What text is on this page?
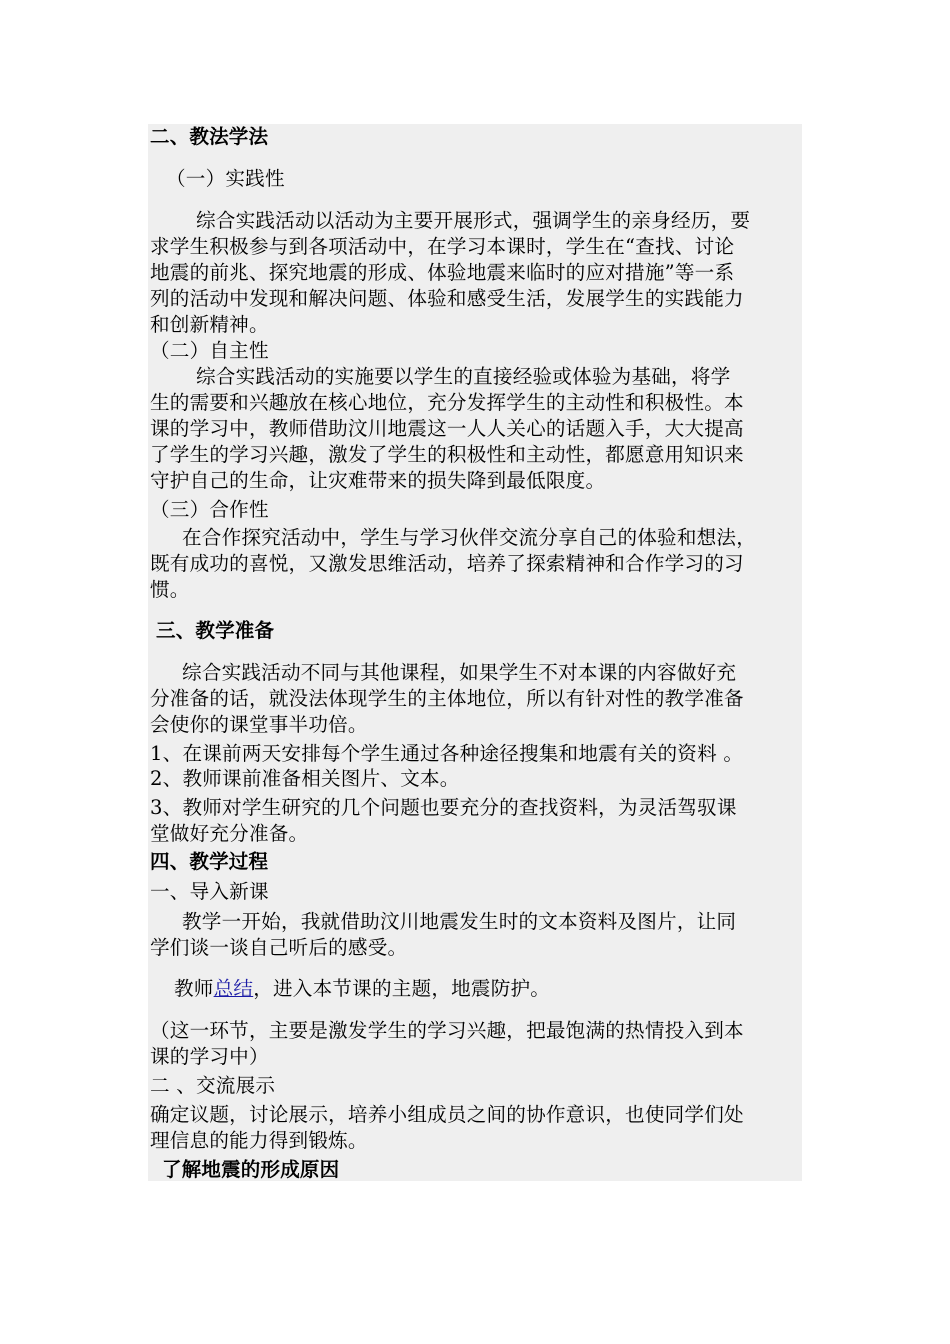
二、教法学法
（一）实践性
综合实践活动以活动为主要开展形式，强调学生的亲身经历，要
求学生积极参与到各项活动中，在学习本课时，学生在“查找、讨论
地震的前兆、探究地震的形成、体验地震来临时的应对措施”等一系
列的活动中发现和解决问题、体验和感受生活，发展学生的实践能力
和创新精神。
（二）自主性
综合实践活动的实施要以学生的直接经验或体验为基础，将学
生的需要和兴趣放在核心地位，充分发挥学生的主动性和积极性。本
课的学习中，教师借助汶川地震这一人人关心的话题入手，大大提高
了学生的学习兴趣，激发了学生的积极性和主动性，都愿意用知识来
守护自己的生命，让灾难带来的损失降到最低限度。
（三）合作性
在合作探究活动中，学生与学习伙伴交流分享自己的体验和想法，
既有成功的喜悦，又激发思维活动，培养了探索精神和合作学习的习
惯。
三、教学准备
综合实践活动不同与其他课程，如果学生不对本课的内容做好充
分准备的话，就没法体现学生的主体地位，所以有针对性的教学准备
会使你的课堂事半功倍。
1、在课前两天安排每个学生通过各种途径搜集和地震有关的资料 。
2、教师课前准备相关图片、文本。
3、教师对学生研究的几个问题也要充分的查找资料，为灵活驾驭课
堂做好充分准备。
四、教学过程
一、导入新课
教学一开始，我就借助汶川地震发生时的文本资料及图片，让同
学们谈一谈自己听后的感受。
教师总结，进入本节课的主题，地震防护。
（这一环节，主要是激发学生的学习兴趣，把最饱满的热情投入到本
课的学习中）
二 、交流展示
确定议题，讨论展示，培养小组成员之间的协作意识，也使同学们处
理信息的能力得到锻炼。
了解地震的形成原因
